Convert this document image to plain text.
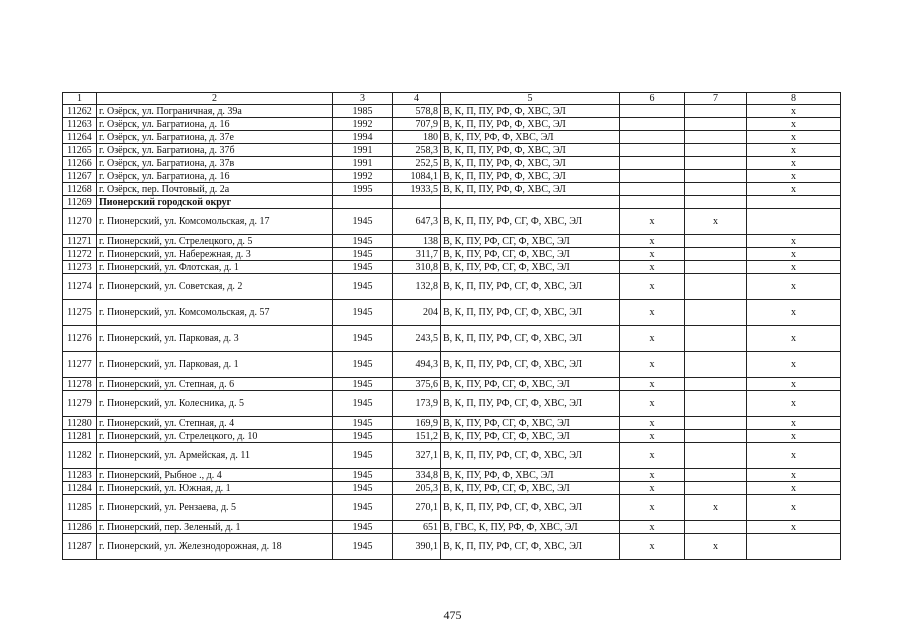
1	2	3	4	5	6	7	8
11262	г. Озёрск, ул. Пограничная, д. 39а	1985	578,8	В, К, П, ПУ, РФ, Ф, ХВС, ЭЛ			х
11263	г. Озёрск, ул. Багратиона, д. 16	1992	707,9	В, К, П, ПУ, РФ, Ф, ХВС, ЭЛ			х
11264	г. Озёрск, ул. Багратиона, д. 37е	1994	180	В, К, ПУ, РФ, Ф, ХВС, ЭЛ			х
11265	г. Озёрск, ул. Багратиона, д. 37б	1991	258,3	В, К, П, ПУ, РФ, Ф, ХВС, ЭЛ			х
11266	г. Озёрск, ул. Багратиона, д. 37в	1991	252,5	В, К, П, ПУ, РФ, Ф, ХВС, ЭЛ			х
11267	г. Озёрск, ул. Багратиона, д. 16	1992	1084,1	В, К, П, ПУ, РФ, Ф, ХВС, ЭЛ			х
11268	г. Озёрск, пер. Почтовый, д. 2а	1995	1933,5	В, К, П, ПУ, РФ, Ф, ХВС, ЭЛ			х
11269	Пионерский городской округ						
11270	г. Пионерский, ул. Комсомольская, д. 17	1945	647,3	В, К, П, ПУ, РФ, СГ, Ф, ХВС, ЭЛ	х	х	
11271	г. Пионерский, ул. Стрелецкого, д. 5	1945	138	В, К, ПУ, РФ, СГ, Ф, ХВС, ЭЛ	х		х
11272	г. Пионерский, ул. Набережная, д. 3	1945	311,7	В, К, ПУ, РФ, СГ, Ф, ХВС, ЭЛ	х		х
11273	г. Пионерский, ул. Флотская, д. 1	1945	310,8	В, К, ПУ, РФ, СГ, Ф, ХВС, ЭЛ	х		х
11274	г. Пионерский, ул. Советская, д. 2	1945	132,8	В, К, П, ПУ, РФ, СГ, Ф, ХВС, ЭЛ	х		х
11275	г. Пионерский, ул. Комсомольская, д. 57	1945	204	В, К, П, ПУ, РФ, СГ, Ф, ХВС, ЭЛ	х		х
11276	г. Пионерский, ул. Парковая, д. 3	1945	243,5	В, К, П, ПУ, РФ, СГ, Ф, ХВС, ЭЛ	х		х
11277	г. Пионерский, ул. Парковая, д. 1	1945	494,3	В, К, П, ПУ, РФ, СГ, Ф, ХВС, ЭЛ	х		х
11278	г. Пионерский, ул. Степная, д. 6	1945	375,6	В, К, ПУ, РФ, СГ, Ф, ХВС, ЭЛ	х		х
11279	г. Пионерский, ул. Колесника, д. 5	1945	173,9	В, К, П, ПУ, РФ, СГ, Ф, ХВС, ЭЛ	х		х
11280	г. Пионерский, ул. Степная, д. 4	1945	169,9	В, К, ПУ, РФ, СГ, Ф, ХВС, ЭЛ	х		х
11281	г. Пионерский, ул. Стрелецкого, д. 10	1945	151,2	В, К, ПУ, РФ, СГ, Ф, ХВС, ЭЛ	х		х
11282	г. Пионерский, ул. Армейская, д. 11	1945	327,1	В, К, П, ПУ, РФ, СГ, Ф, ХВС, ЭЛ	х		х
11283	г. Пионерский, Рыбное ., д. 4	1945	334,8	В, К, ПУ, РФ, Ф, ХВС, ЭЛ	х		х
11284	г. Пионерский, ул. Южная, д. 1	1945	205,3	В, К, ПУ, РФ, СГ, Ф, ХВС, ЭЛ	х		х
11285	г. Пионерский, ул. Рензаева, д. 5	1945	270,1	В, К, П, ПУ, РФ, СГ, Ф, ХВС, ЭЛ	х	х	х
11286	г. Пионерский, пер. Зеленый, д. 1	1945	651	В, ГВС, К, ПУ, РФ, Ф, ХВС, ЭЛ	х		х
11287	г. Пионерский, ул. Железнодорожная, д. 18	1945	390,1	В, К, П, ПУ, РФ, СГ, Ф, ХВС, ЭЛ	х	х	
475
